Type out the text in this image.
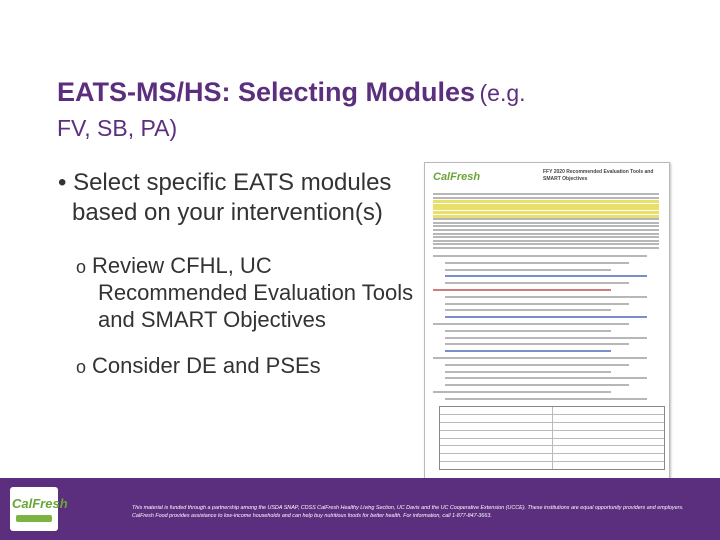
EATS-MS/HS: Selecting Modules (e.g.
FV, SB, PA)
• Select specific EATS modules based on your intervention(s)
o Review CFHL, UC Recommended Evaluation Tools and SMART Objectives
o Consider DE and PSEs
CalFresh	FFY 2020 Recommended Evaluation Tools and SMART Objectives
CalFresh	This material is funded through a partnership among the USDA SNAP, CDSS CalFresh Healthy Living Section, UC Davis and the UC Cooperative Extension (UCCE). These institutions are equal opportunity providers and employers. CalFresh Food provides assistance to low-income households and can help buy nutritious foods for better health. For information, call 1-877-847-3663.
